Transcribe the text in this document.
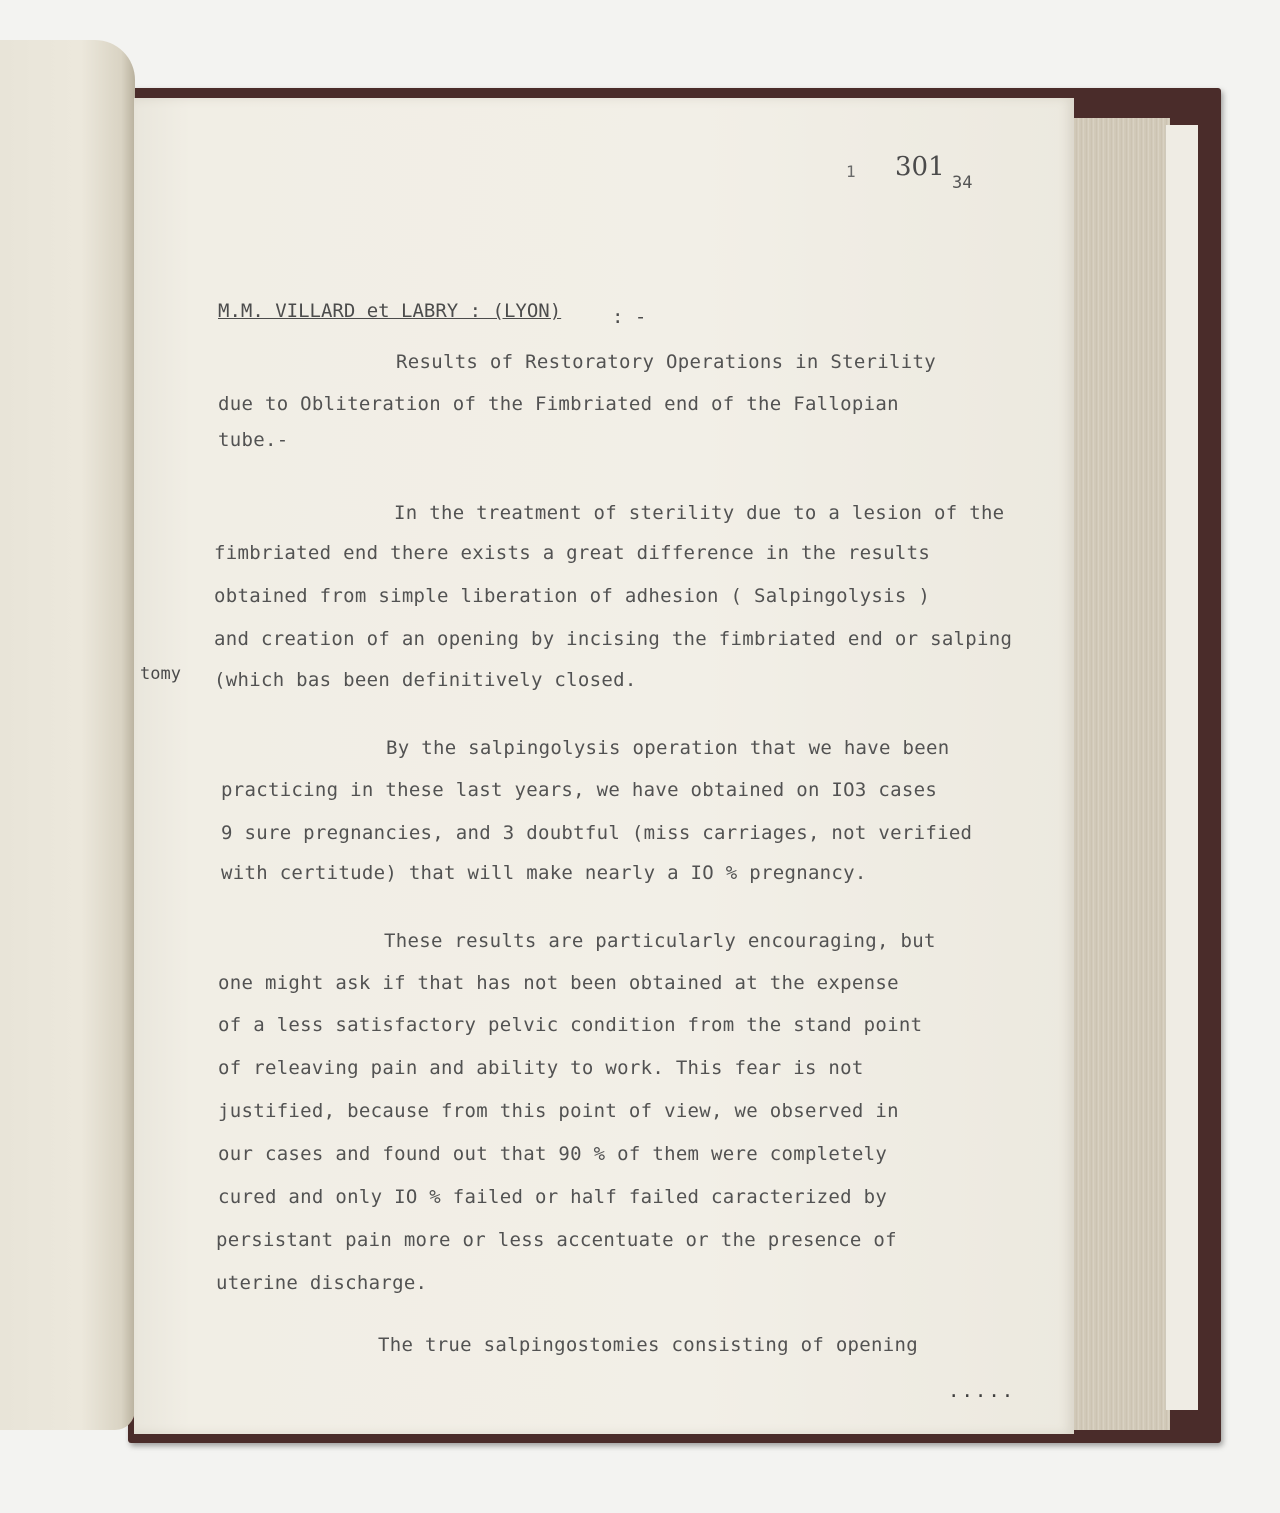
tomy
1 301
34
M.M. VILLARD et LABRY : (LYON)	: -
Results of Restoratory Operations in Sterility
due to Obliteration of the Fimbriated end of the Fallopian
tube.-
In the treatment of sterility due to a lesion of the
fimbriated end there exists a great difference in the results
obtained from simple liberation of adhesion ( Salpingolysis )
and creation of an opening by incising the fimbriated end or salping
(which bas been definitively closed.
By the salpingolysis operation that we have been
practicing in these last years, we have obtained on IO3 cases
9 sure pregnancies, and 3 doubtful (miss carriages, not verified
with certitude) that will make nearly a IO % pregnancy.
These results are particularly encouraging, but
one might ask if that has not been obtained at the expense
of a less satisfactory pelvic condition from the stand point
of releaving pain and ability to work. This fear is not
justified, because from this point of view, we observed in
our cases and found out that 90 % of them were completely
cured and only IO % failed or half failed caracterized by
persistant pain more or less accentuate or the presence of
uterine discharge.
The true salpingostomies consisting of opening
.....
